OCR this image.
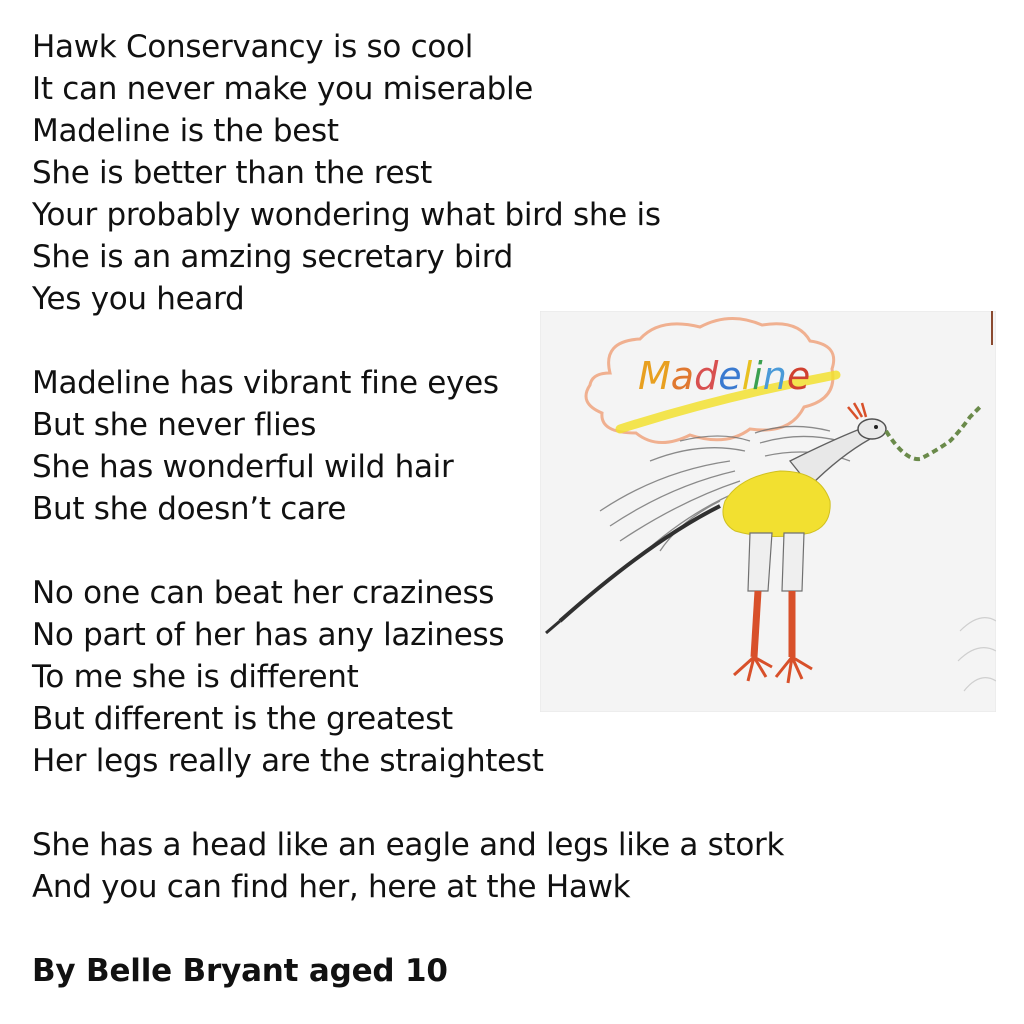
Hawk Conservancy is so cool
It can never make you miserable
Madeline is the best
She is better than the rest
Your probably wondering what bird she is
She is an amzing secretary bird
Yes you heard
Madeline has vibrant fine eyes
But she never flies
She has wonderful wild hair
But she doesn’t care
No one can beat her craziness
No part of her has any laziness
To me she is different
But different is the greatest
Her legs really are the straightest
She has a head like an eagle and legs like a stork
And you can find her, here at the Hawk
By Belle Bryant aged 10
Madeline
